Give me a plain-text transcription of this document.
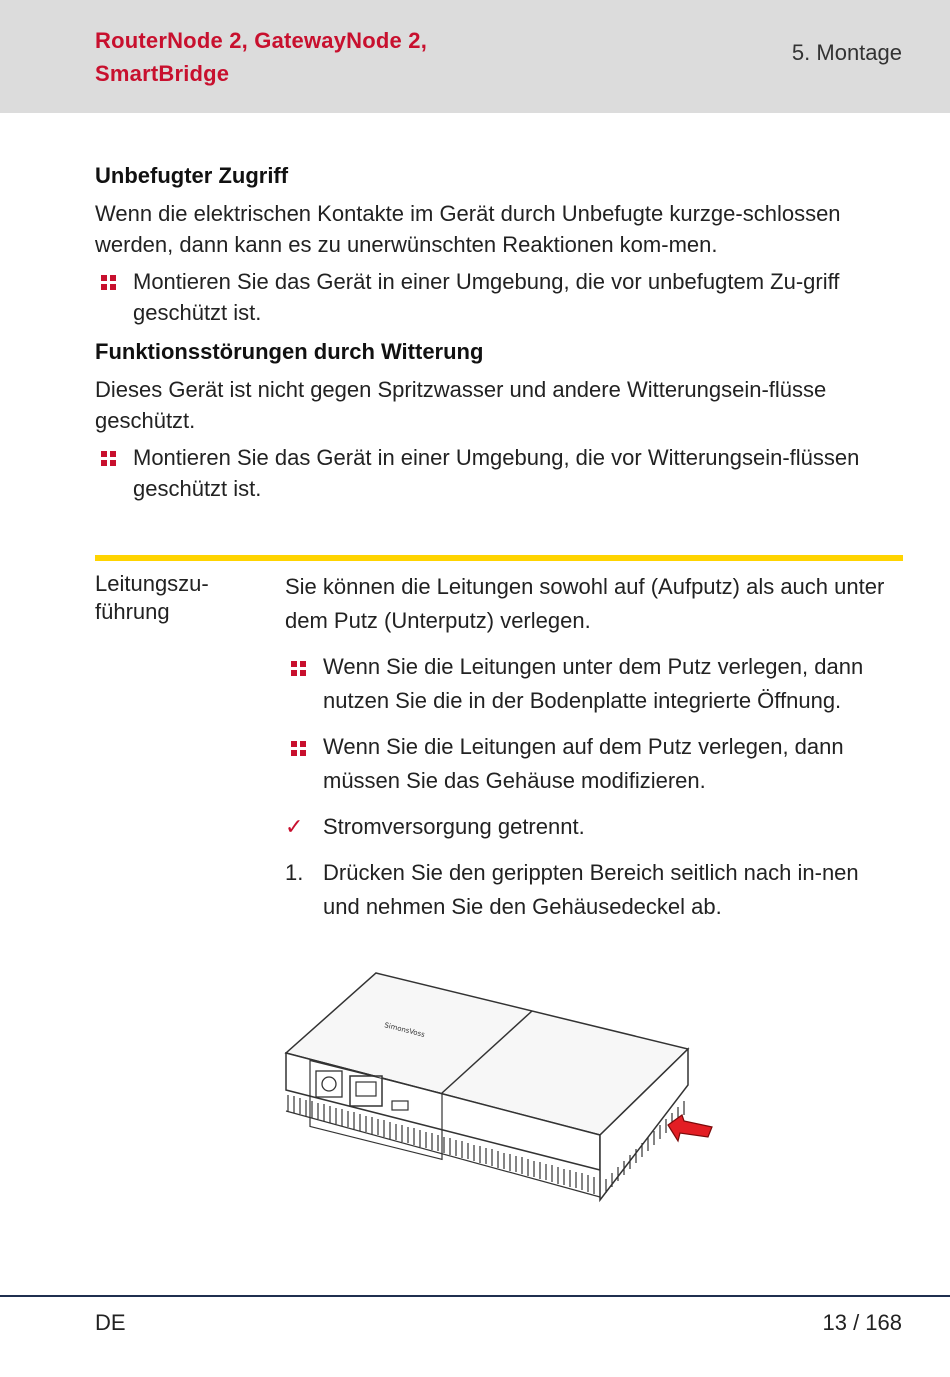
RouterNode 2, GatewayNode 2,
SmartBridge
5. Montage
Unbefugter Zugriff

Wenn die elektrischen Kontakte im Gerät durch Unbefugte kurzge-schlossen werden, dann kann es zu unerwünschten Reaktionen kom-men.

Montieren Sie das Gerät in einer Umgebung, die vor unbefugtem Zu-griff geschützt ist.
Funktionsstörungen durch Witterung

Dieses Gerät ist nicht gegen Spritzwasser und andere Witterungsein-flüsse geschützt.

Montieren Sie das Gerät in einer Umgebung, die vor Witterungsein-flüssen geschützt ist.
Leitungszu-führung

Sie können die Leitungen sowohl auf (Aufputz) als auch unter dem Putz (Unterputz) verlegen.

Wenn Sie die Leitungen unter dem Putz verlegen, dann nutzen Sie die in der Bodenplatte integrierte Öffnung.
Wenn Sie die Leitungen auf dem Putz verlegen, dann müssen Sie das Gehäuse modifizieren.
✓ Stromversorgung getrennt.
1. Drücken Sie den gerippten Bereich seitlich nach in-nen und nehmen Sie den Gehäusedeckel ab.
SimonsVoss
DE	13 / 168
